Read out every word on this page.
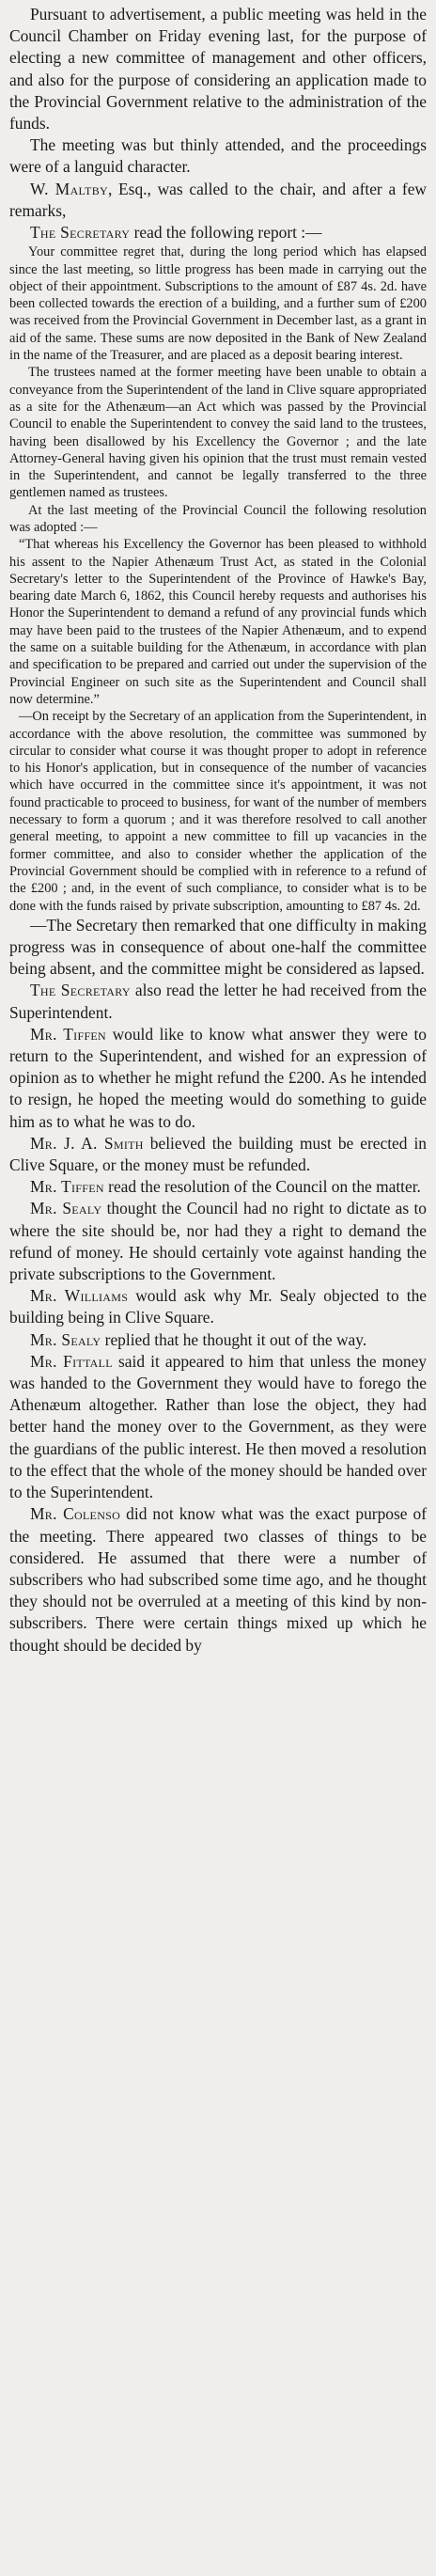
Pursuant to advertisement, a public meeting was held in the Council Chamber on Friday evening last, for the purpose of electing a new committee of management and other officers, and also for the purpose of considering an application made to the Provincial Government relative to the administration of the funds.

The meeting was but thinly attended, and the proceedings were of a languid character.

W. Maltby, Esq., was called to the chair, and after a few remarks,

The Secretary read the following report :—

Your committee regret that, during the long period which has elapsed since the last meeting, so little progress has been made in carrying out the object of their appointment. Subscriptions to the amount of £87 4s. 2d. have been collected towards the erection of a building, and a further sum of £200 was received from the Provincial Government in December last, as a grant in aid of the same. These sums are now deposited in the Bank of New Zealand in the name of the Treasurer, and are placed as a deposit bearing interest.

The trustees named at the former meeting have been unable to obtain a conveyance from the Superintendent of the land in Clive square appropriated as a site for the Athenæum—an Act which was passed by the Provincial Council to enable the Superintendent to convey the said land to the trustees, having been disallowed by his Excellency the Governor ; and the late Attorney-General having given his opinion that the trust must remain vested in the Superintendent, and cannot be legally transferred to the three gentlemen named as trustees.

At the last meeting of the Provincial Council the following resolution was adopted :—

“That whereas his Excellency the Governor has been pleased to withhold his assent to the Napier Athenæum Trust Act, as stated in the Colonial Secretary's letter to the Superintendent of the Province of Hawke's Bay, bearing date March 6, 1862, this Council hereby requests and authorises his Honor the Superintendent to demand a refund of any provincial funds which may have been paid to the trustees of the Napier Athenæum, and to expend the same on a suitable building for the Athenæum, in accordance with plan and specification to be prepared and carried out under the supervision of the Provincial Engineer on such site as the Superintendent and Council shall now determine.”

—On receipt by the Secretary of an application from the Superintendent, in accordance with the above resolution, the committee was summoned by circular to consider what course it was thought proper to adopt in reference to his Honor's application, but in consequence of the number of vacancies which have occurred in the committee since it's appointment, it was not found practicable to proceed to business, for want of the number of members necessary to form a quorum ; and it was therefore resolved to call another general meeting, to appoint a new committee to fill up vacancies in the former committee, and also to consider whether the application of the Provincial Government should be complied with in reference to a refund of the £200 ; and, in the event of such compliance, to consider what is to be done with the funds raised by private subscription, amounting to £87 4s. 2d.

—The Secretary then remarked that one difficulty in making progress was in consequence of about one-half the committee being absent, and the committee might be considered as lapsed.

The Secretary also read the letter he had received from the Superintendent.

Mr. Tiffen would like to know what answer they were to return to the Superintendent, and wished for an expression of opinion as to whether he might refund the £200. As he intended to resign, he hoped the meeting would do something to guide him as to what he was to do.

Mr. J. A. Smith believed the building must be erected in Clive Square, or the money must be refunded.

Mr. Tiffen read the resolution of the Council on the matter.

Mr. Sealy thought the Council had no right to dictate as to where the site should be, nor had they a right to demand the refund of money. He should certainly vote against handing the private subscriptions to the Government.

Mr. Williams would ask why Mr. Sealy objected to the building being in Clive Square.

Mr. Sealy replied that he thought it out of the way.

Mr. Fittall said it appeared to him that unless the money was handed to the Government they would have to forego the Athenæum altogether. Rather than lose the object, they had better hand the money over to the Government, as they were the guardians of the public interest. He then moved a resolution to the effect that the whole of the money should be handed over to the Superintendent.

Mr. Colenso did not know what was the exact purpose of the meeting. There appeared two classes of things to be considered. He assumed that there were a number of subscribers who had subscribed some time ago, and he thought they should not be overruled at a meeting of this kind by non-subscribers. There were certain things mixed up which he thought should be decided by
